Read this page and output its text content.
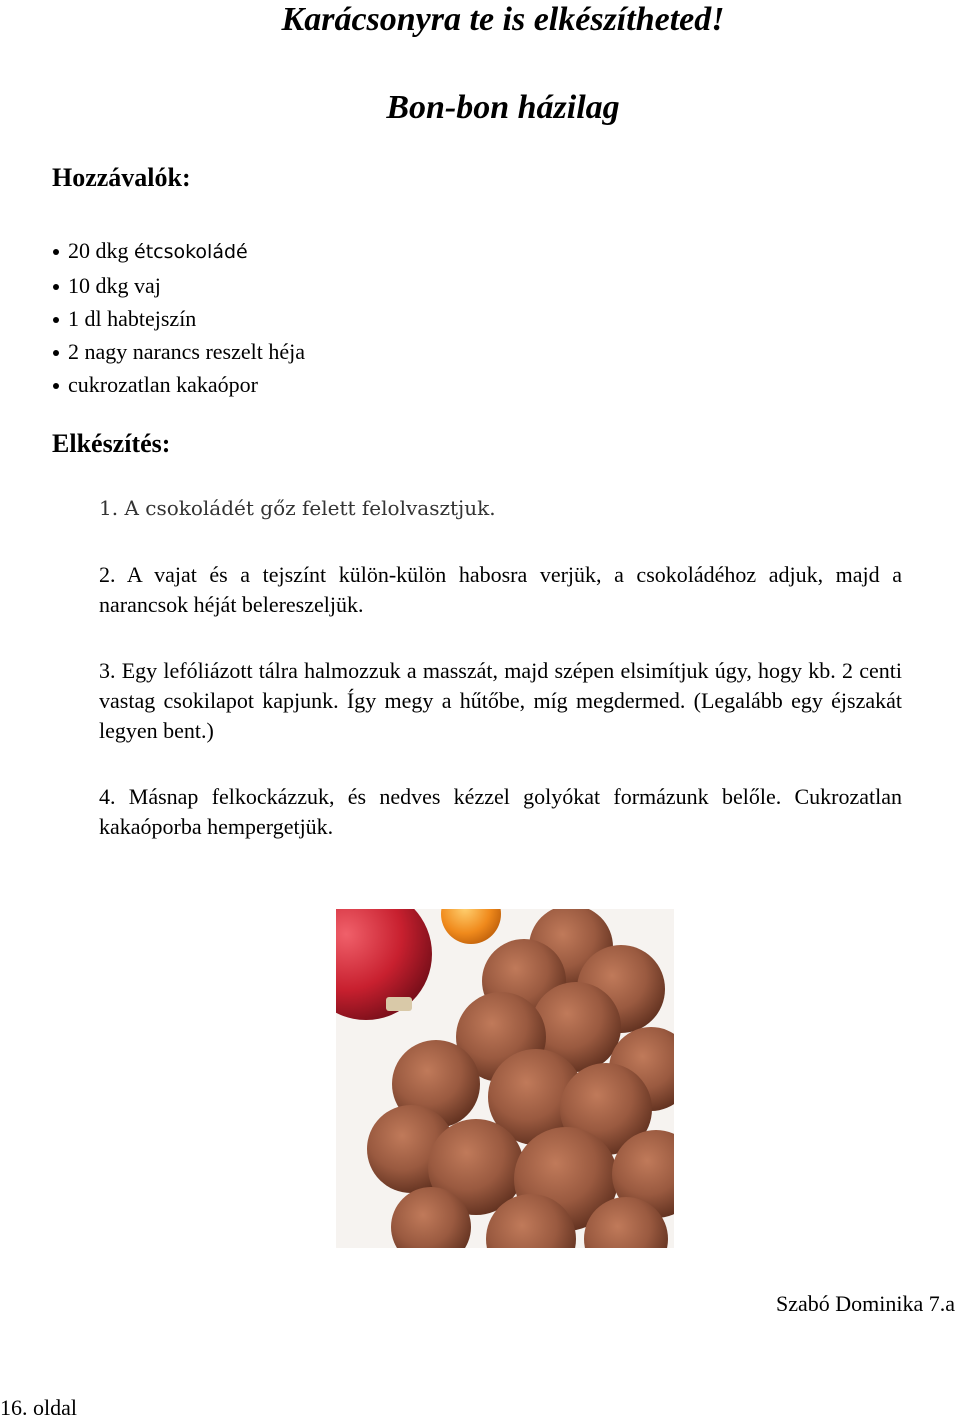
Karácsonyra te is elkészítheted!
Bon-bon házilag
Hozzávalók:
20 dkg étcsokoládé
10 dkg vaj
1 dl habtejszín
2 nagy narancs reszelt héja
cukrozatlan kakaópor
Elkészítés:

1. A csokoládét gőz felett felolvasztjuk.

2. A vajat és a tejszínt külön-külön habosra verjük, a csokoládéhoz adjuk, majd a narancsok héját belereszeljük.

3. Egy lefóliázott tálra halmozzuk a masszát, majd szépen elsimítjuk úgy, hogy kb. 2 centi vastag csokilapot kapjunk. Így megy a hűtőbe, míg megdermed. (Legalább egy éjszakát legyen bent.)

4. Másnap felkockázzuk, és nedves kézzel golyókat formázunk belőle. Cukrozatlan kakaóporba hempergetjük.

Szabó Dominika 7.a
16. oldal
